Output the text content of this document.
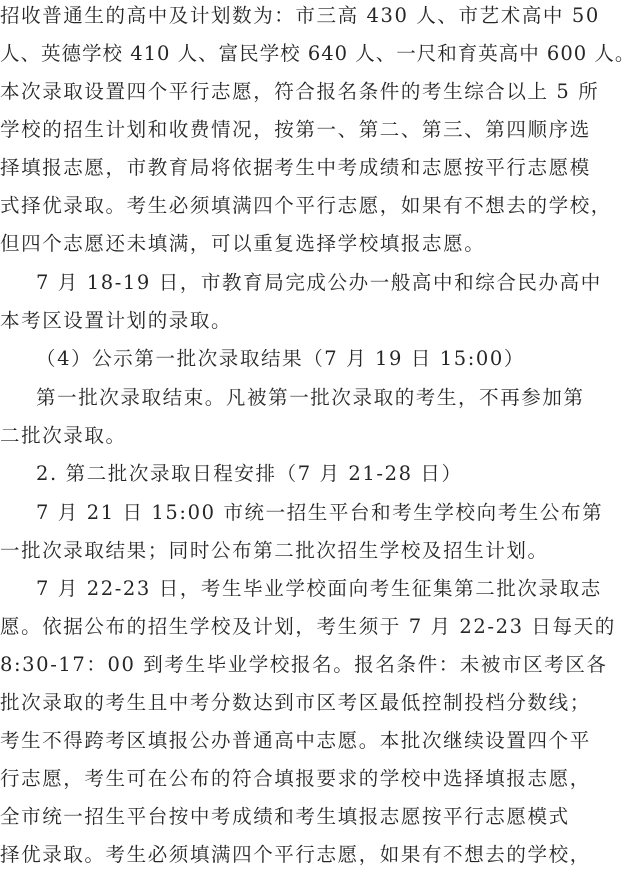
招收普通生的高中及计划数为：市三高 430 人、市艺术高中 50
人、英德学校 410 人、富民学校 640 人、一尺和育英高中 600 人。
本次录取设置四个平行志愿，符合报名条件的考生综合以上 5 所
学校的招生计划和收费情况，按第一、第二、第三、第四顺序选
择填报志愿，市教育局将依据考生中考成绩和志愿按平行志愿模
式择优录取。考生必须填满四个平行志愿，如果有不想去的学校，
但四个志愿还未填满，可以重复选择学校填报志愿。
7 月 18-19 日，市教育局完成公办一般高中和综合民办高中
本考区设置计划的录取。
（4）公示第一批次录取结果（7 月 19 日 15:00）
第一批次录取结束。凡被第一批次录取的考生，不再参加第
二批次录取。
2. 第二批次录取日程安排（7 月 21-28 日）
7 月 21 日 15:00 市统一招生平台和考生学校向考生公布第
一批次录取结果；同时公布第二批次招生学校及招生计划。
7 月 22-23 日，考生毕业学校面向考生征集第二批次录取志
愿。依据公布的招生学校及计划，考生须于 7 月 22-23 日每天的
8:30-17：00 到考生毕业学校报名。报名条件：未被市区考区各
批次录取的考生且中考分数达到市区考区最低控制投档分数线；
考生不得跨考区填报公办普通高中志愿。本批次继续设置四个平
行志愿，考生可在公布的符合填报要求的学校中选择填报志愿，
全市统一招生平台按中考成绩和考生填报志愿按平行志愿模式
择优录取。考生必须填满四个平行志愿，如果有不想去的学校，
